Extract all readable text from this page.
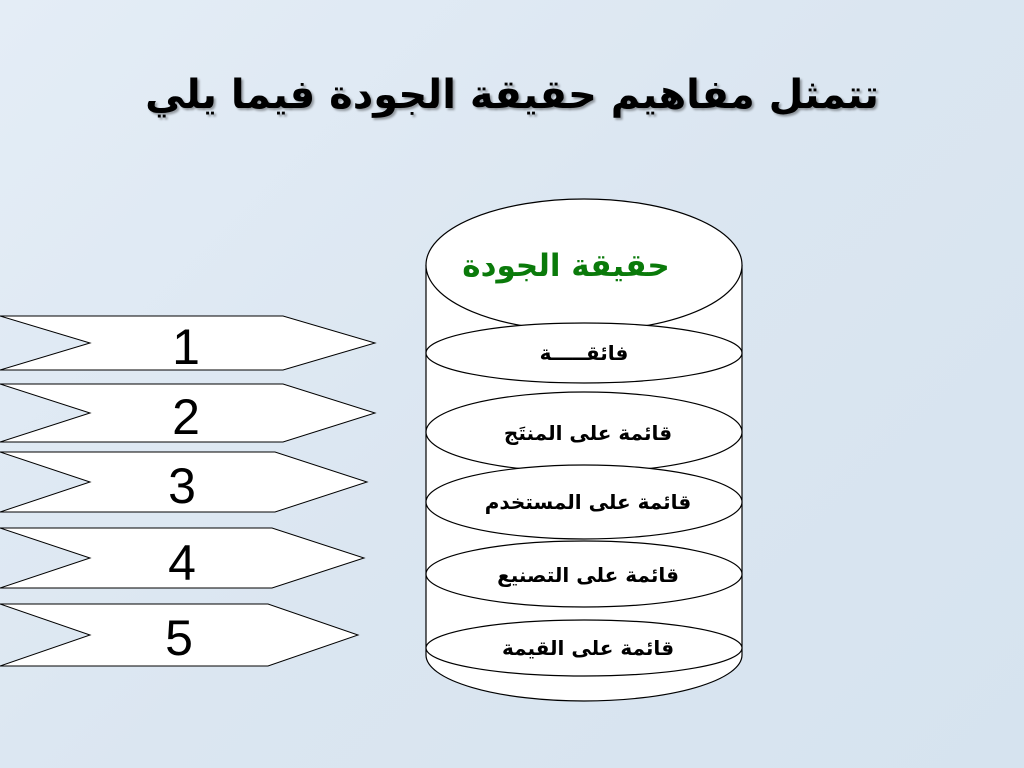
تتمثل مفاهيم حقيقة الجودة فيما يلي
1
2
3
4
5
حقيقة الجودة
فائقـــــة
قائمة على المنتَج
قائمة على المستخدم
قائمة على التصنيع
قائمة على القيمة
